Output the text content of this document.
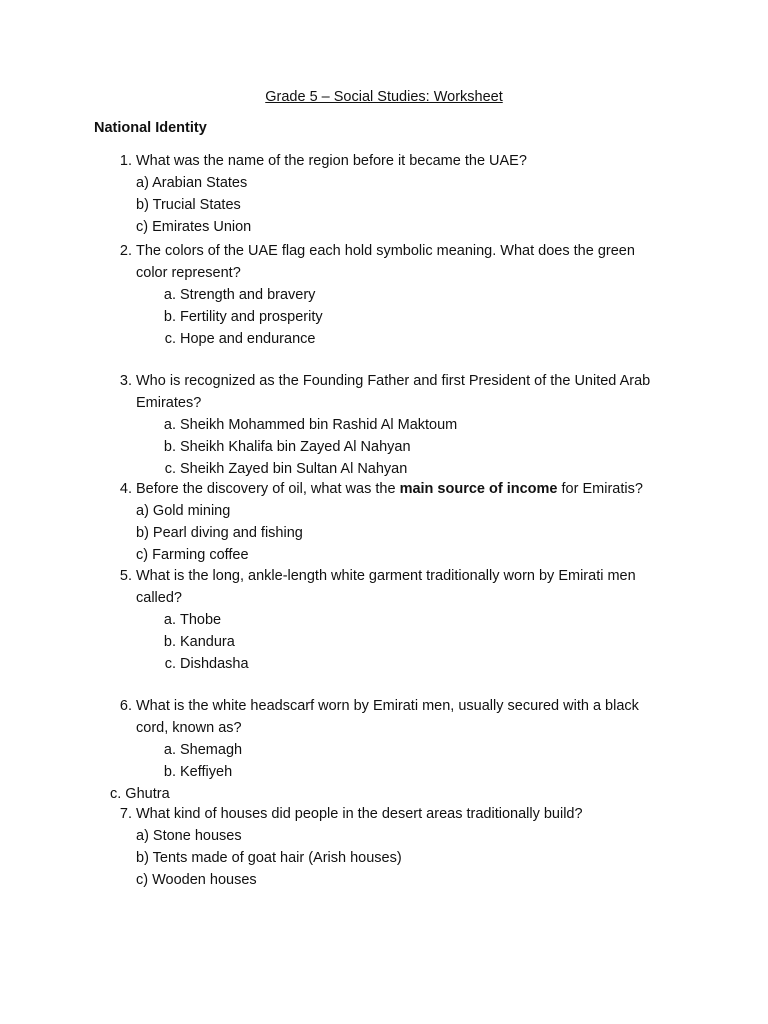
Grade 5 – Social Studies: Worksheet
National Identity
1. What was the name of the region before it became the UAE?
a) Arabian States
b) Trucial States
c) Emirates Union
2. The colors of the UAE flag each hold symbolic meaning. What does the green
color represent?
a. Strength and bravery
b. Fertility and prosperity
c. Hope and endurance
3. Who is recognized as the Founding Father and first President of the United Arab
Emirates?
a. Sheikh Mohammed bin Rashid Al Maktoum
b. Sheikh Khalifa bin Zayed Al Nahyan
c. Sheikh Zayed bin Sultan Al Nahyan
4. Before the discovery of oil, what was the main source of income for Emiratis?
a) Gold mining
b) Pearl diving and fishing
c) Farming coffee
5. What is the long, ankle-length white garment traditionally worn by Emirati men
called?
a. Thobe
b. Kandura
c. Dishdasha
6. What is the white headscarf worn by Emirati men, usually secured with a black
cord, known as?
a. Shemagh
b. Keffiyeh
c. Ghutra
7. What kind of houses did people in the desert areas traditionally build?
a) Stone houses
b) Tents made of goat hair (Arish houses)
c) Wooden houses
